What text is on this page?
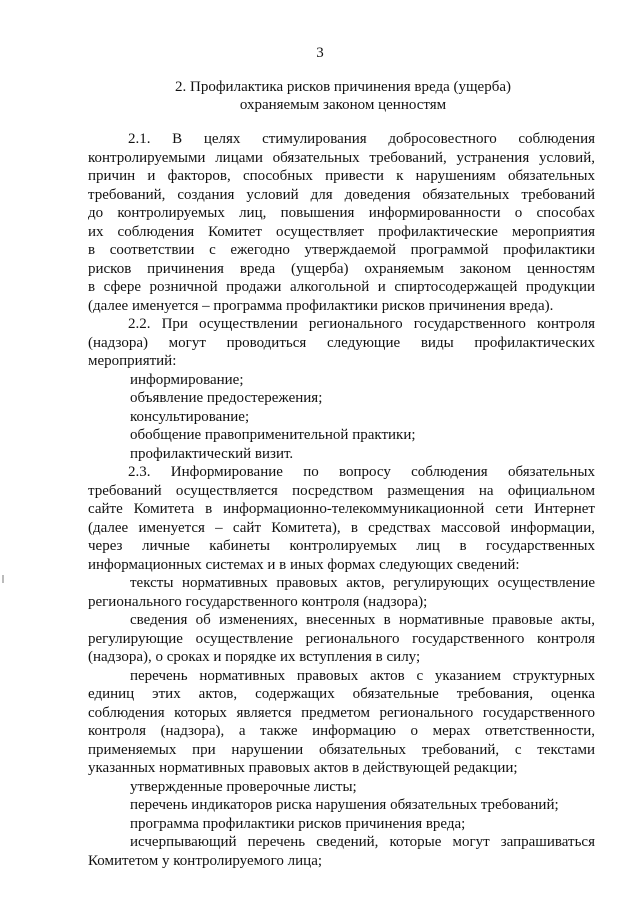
3
2. Профилактика рисков причинения вреда (ущерба)
охраняемым законом ценностям
2.1. В целях стимулирования добросовестного соблюдения
контролируемыми лицами обязательных требований, устранения условий,
причин и факторов, способных привести к нарушениям обязательных
требований, создания условий для доведения обязательных требований
до контролируемых лиц, повышения информированности о способах
их соблюдения Комитет осуществляет профилактические мероприятия
в соответствии с ежегодно утверждаемой программой профилактики
рисков причинения вреда (ущерба) охраняемым законом ценностям
в сфере розничной продажи алкогольной и спиртосодержащей продукции
(далее именуется – программа профилактики рисков причинения вреда).
2.2. При осуществлении регионального государственного контроля
(надзора) могут проводиться следующие виды профилактических
мероприятий:
информирование;
объявление предостережения;
консультирование;
обобщение правоприменительной практики;
профилактический визит.
2.3. Информирование по вопросу соблюдения обязательных
требований осуществляется посредством размещения на официальном
сайте Комитета в информационно-телекоммуникационной сети Интернет
(далее именуется – сайт Комитета), в средствах массовой информации,
через личные кабинеты контролируемых лиц в государственных
информационных системах и в иных формах следующих сведений:
тексты нормативных правовых актов, регулирующих осуществление
регионального государственного контроля (надзора);
сведения об изменениях, внесенных в нормативные правовые акты,
регулирующие осуществление регионального государственного контроля
(надзора), о сроках и порядке их вступления в силу;
перечень нормативных правовых актов с указанием структурных
единиц этих актов, содержащих обязательные требования, оценка
соблюдения которых является предметом регионального государственного
контроля (надзора), а также информацию о мерах ответственности,
применяемых при нарушении обязательных требований, с текстами
указанных нормативных правовых актов в действующей редакции;
утвержденные проверочные листы;
перечень индикаторов риска нарушения обязательных требований;
программа профилактики рисков причинения вреда;
исчерпывающий перечень сведений, которые могут запрашиваться
Комитетом у контролируемого лица;
